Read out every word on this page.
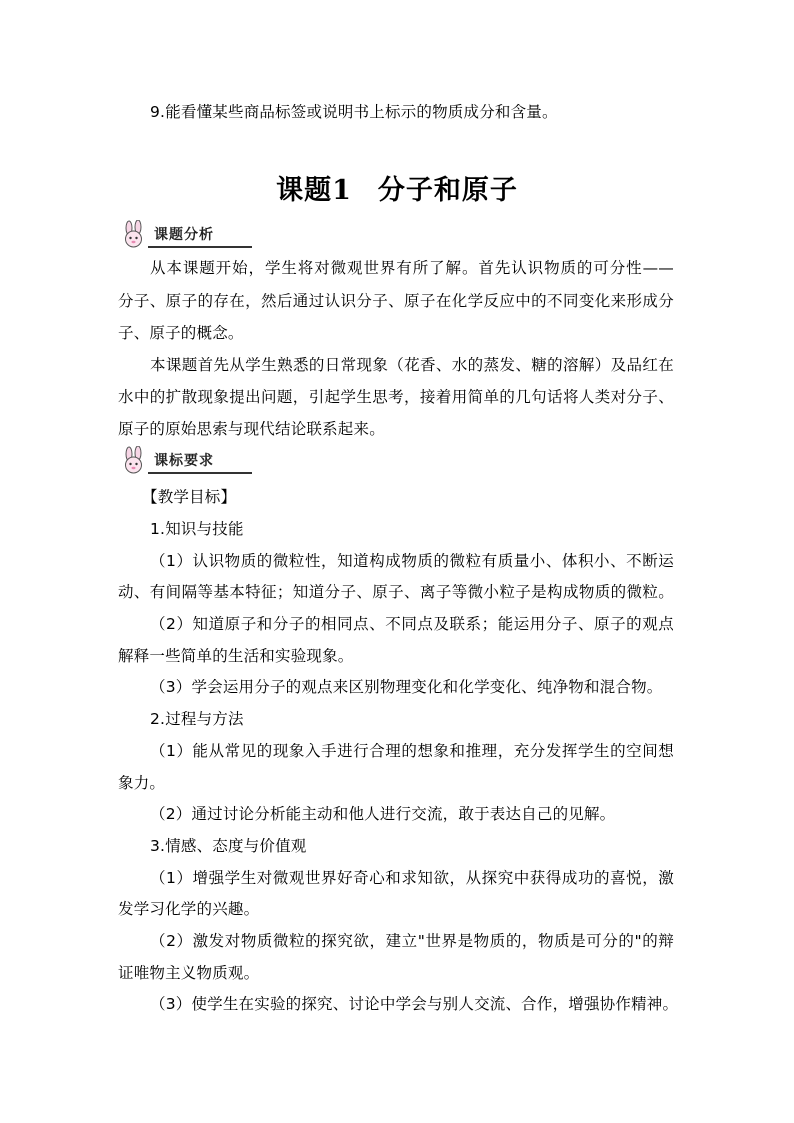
9.能看懂某些商品标签或说明书上标示的物质成分和含量。
课题1 分子和原子
课题分析
从本课题开始，学生将对微观世界有所了解。首先认识物质的可分性——
分子、原子的存在，然后通过认识分子、原子在化学反应中的不同变化来形成分
子、原子的概念。
本课题首先从学生熟悉的日常现象（花香、水的蒸发、糖的溶解）及品红在
水中的扩散现象提出问题，引起学生思考，接着用简单的几句话将人类对分子、
原子的原始思索与现代结论联系起来。
课标要求
【教学目标】
1.知识与技能
（1）认识物质的微粒性，知道构成物质的微粒有质量小、体积小、不断运
动、有间隔等基本特征；知道分子、原子、离子等微小粒子是构成物质的微粒。
（2）知道原子和分子的相同点、不同点及联系；能运用分子、原子的观点
解释一些简单的生活和实验现象。
（3）学会运用分子的观点来区别物理变化和化学变化、纯净物和混合物。
2.过程与方法
（1）能从常见的现象入手进行合理的想象和推理，充分发挥学生的空间想
象力。
（2）通过讨论分析能主动和他人进行交流，敢于表达自己的见解。
3.情感、态度与价值观
（1）增强学生对微观世界好奇心和求知欲，从探究中获得成功的喜悦，激
发学习化学的兴趣。
（2）激发对物质微粒的探究欲，建立"世界是物质的，物质是可分的"的辩
证唯物主义物质观。
（3）使学生在实验的探究、讨论中学会与别人交流、合作，增强协作精神。
